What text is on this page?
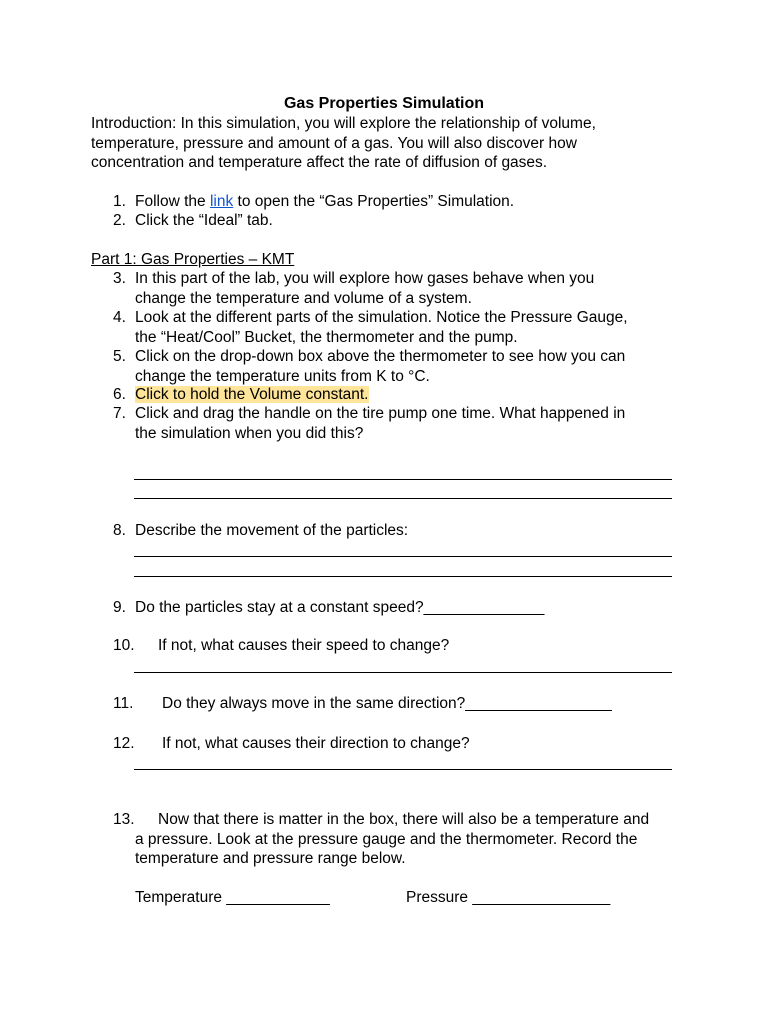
Gas Properties Simulation
Introduction: In this simulation, you will explore the relationship of volume,
temperature, pressure and amount of a gas. You will also discover how
concentration and temperature affect the rate of diffusion of gases.
1. Follow the link to open the “Gas Properties” Simulation.
2. Click the “Ideal” tab.
Part 1: Gas Properties – KMT
3. In this part of the lab, you will explore how gases behave when you
change the temperature and volume of a system.
4. Look at the different parts of the simulation. Notice the Pressure Gauge,
the “Heat/Cool” Bucket, the thermometer and the pump.
5. Click on the drop-down box above the thermometer to see how you can
change the temperature units from K to °C.
6. Click to hold the Volume constant.
7. Click and drag the handle on the tire pump one time. What happened in
the simulation when you did this?
8. Describe the movement of the particles:
9. Do the particles stay at a constant speed?______________
10. If not, what causes their speed to change?
11. Do they always move in the same direction?_________________
12. If not, what causes their direction to change?
13.	Now that there is matter in the box, there will also be a temperature and
a pressure. Look at the pressure gauge and the thermometer. Record the
temperature and pressure range below.
Temperature ____________	Pressure ________________
